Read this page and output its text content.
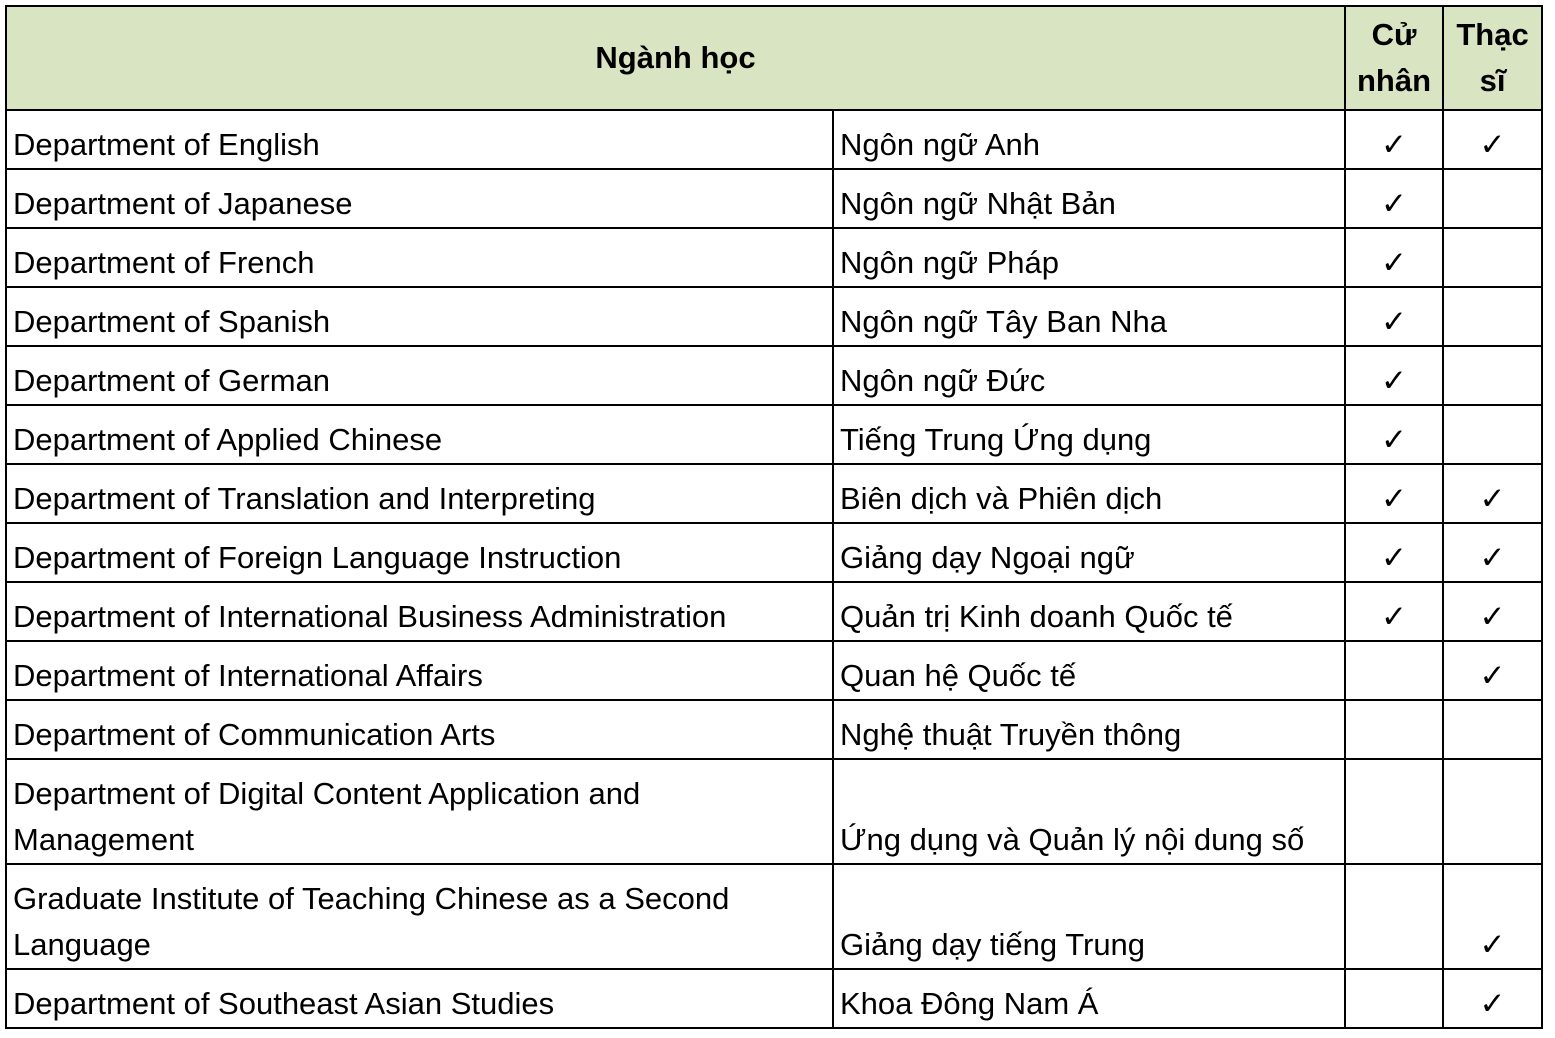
Ngành học		Cử nhân	Thạc sĩ
Department of English	Ngôn ngữ Anh	✓	✓
Department of Japanese	Ngôn ngữ Nhật Bản	✓	
Department of French	Ngôn ngữ Pháp	✓	
Department of Spanish	Ngôn ngữ Tây Ban Nha	✓	
Department of German	Ngôn ngữ Đức	✓	
Department of Applied Chinese	Tiếng Trung Ứng dụng	✓	
Department of Translation and Interpreting	Biên dịch và Phiên dịch	✓	✓
Department of Foreign Language Instruction	Giảng dạy Ngoại ngữ	✓	✓
Department of International Business Administration	Quản trị Kinh doanh Quốc tế	✓	✓
Department of International Affairs	Quan hệ Quốc tế		✓
Department of Communication Arts	Nghệ thuật Truyền thông		
Department of Digital Content Application and Management	Ứng dụng và Quản lý nội dung số		
Graduate Institute of Teaching Chinese as a Second Language	Giảng dạy tiếng Trung		✓
Department of Southeast Asian Studies	Khoa Đông Nam Á		✓
